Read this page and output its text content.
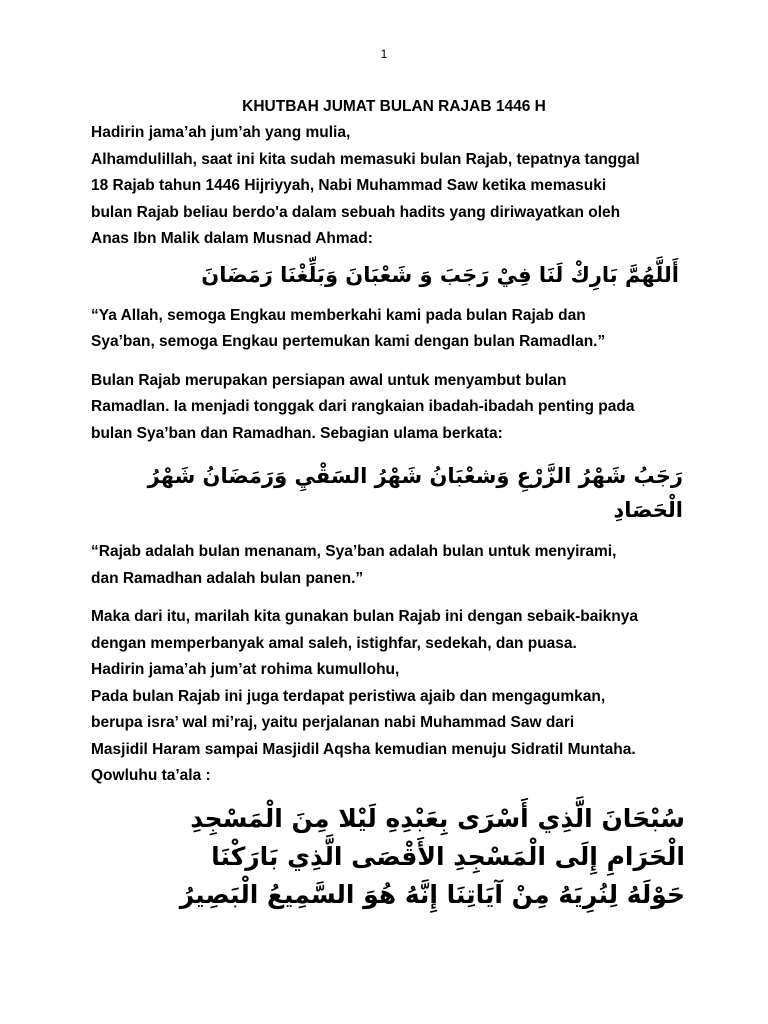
1

KHUTBAH JUMAT BULAN RAJAB 1446 H

Hadirin jama’ah jum’ah yang mulia,
Alhamdulillah, saat ini kita sudah memasuki bulan Rajab, tepatnya tanggal
18 Rajab tahun 1446 Hijriyyah, Nabi Muhammad Saw ketika memasuki
bulan Rajab beliau berdo'a dalam sebuah hadits yang diriwayatkan oleh
Anas Ibn Malik dalam Musnad Ahmad:

أَللَّهُمَّ بَارِكْ لَنَا فِيْ رَجَبَ وَ شَعْبَانَ وَبَلِّغْنَا رَمَضَانَ

“Ya Allah, semoga Engkau memberkahi kami pada bulan Rajab dan
Sya’ban, semoga Engkau pertemukan kami dengan bulan Ramadlan.”

Bulan Rajab merupakan persiapan awal untuk menyambut bulan
Ramadlan. Ia menjadi tonggak dari rangkaian ibadah-ibadah penting pada
bulan Sya’ban dan Ramadhan. Sebagian ulama berkata:

رَجَبُ شَهْرُ الزَّرْعِ وَشعْبَانُ شَهْرُ السَقْيِ وَرَمَضَانُ شَهْرُ
الْحَصَادِ

“Rajab adalah bulan menanam, Sya’ban adalah bulan untuk menyirami,
dan Ramadhan adalah bulan panen.”

Maka dari itu, marilah kita gunakan bulan Rajab ini dengan sebaik-baiknya
dengan memperbanyak amal saleh, istighfar, sedekah, dan puasa.
Hadirin jama’ah jum’at rohima kumullohu,
Pada bulan Rajab ini juga terdapat peristiwa ajaib dan mengagumkan,
berupa isra’ wal mi’raj, yaitu perjalanan nabi Muhammad Saw dari
Masjidil Haram sampai Masjidil Aqsha kemudian menuju Sidratil Muntaha.
Qowluhu ta’ala :

سُبْحَانَ الَّذِي أَسْرَى بِعَبْدِهِ لَيْلا مِنَ الْمَسْجِدِ
الْحَرَامِ إِلَى الْمَسْجِدِ الأَقْصَى الَّذِي بَارَكْنَا
حَوْلَهُ لِنُرِيَهُ مِنْ آيَاتِنَا إِنَّهُ هُوَ السَّمِيعُ الْبَصِيرُ
